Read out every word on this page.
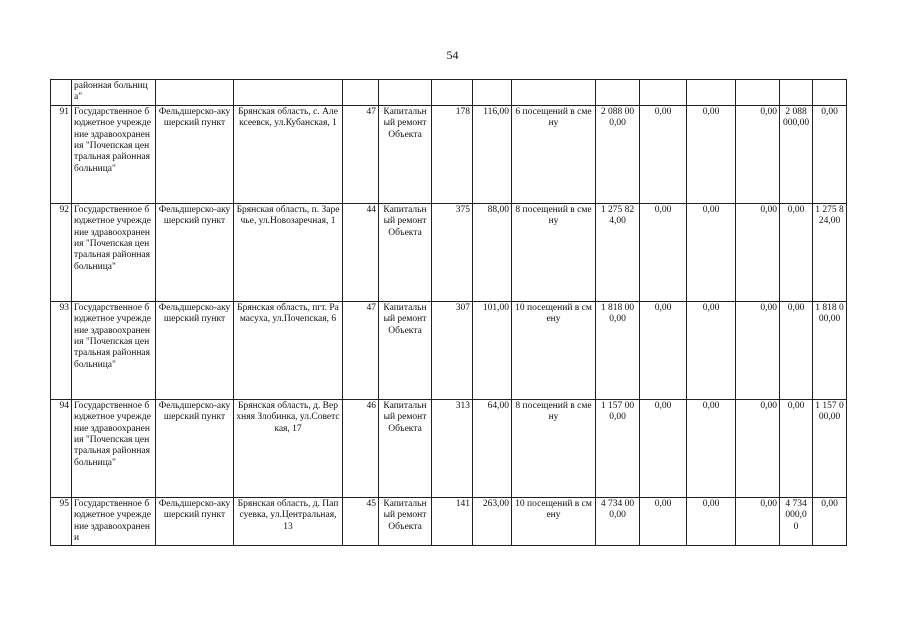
54
	районная больница"													
91	Государственное бюджетное учреждение здравоохранения "Почепская центральная районная больница"	Фельдшерско-акушерский пункт	Брянская область, с. Алексеевск, ул.Кубанская, 1	47	Капитальный ремонт Объекта	178	116,00	6 посещений в смену	2 088 000,00	0,00	0,00	0,00	2 088 000,00	0,00
92	Государственное бюджетное учреждение здравоохранения "Почепская центральная районная больница"	Фельдшерско-акушерский пункт	Брянская область, п. Заречье, ул.Новозаречная, 1	44	Капитальный ремонт Объекта	375	88,00	8 посещений в смену	1 275 824,00	0,00	0,00	0,00	0,00	1 275 824,00
93	Государственное бюджетное учреждение здравоохранения "Почепская центральная районная больница"	Фельдшерско-акушерский пункт	Брянская область, пгт. Рамасуха, ул.Почепская, 6	47	Капитальный ремонт Объекта	307	101,00	10 посещений в смену	1 818 000,00	0,00	0,00	0,00	0,00	1 818 000,00
94	Государственное бюджетное учреждение здравоохранения "Почепская центральная районная больница"	Фельдшерско-акушерский пункт	Брянская область, д. Верхняя Злобинка, ул.Советская, 17	46	Капитальный ремонт Объекта	313	64,00	8 посещений в смену	1 157 000,00	0,00	0,00	0,00	0,00	1 157 000,00
95	Государственное бюджетное учреждение здравоохранени	Фельдшерско-акушерский пункт	Брянская область, д. Папсуевка, ул.Центральная, 13	45	Капитальный ремонт Объекта	141	263,00	10 посещений в смену	4 734 000,00	0,00	0,00	0,00	4 734 000,0 0	0,00
